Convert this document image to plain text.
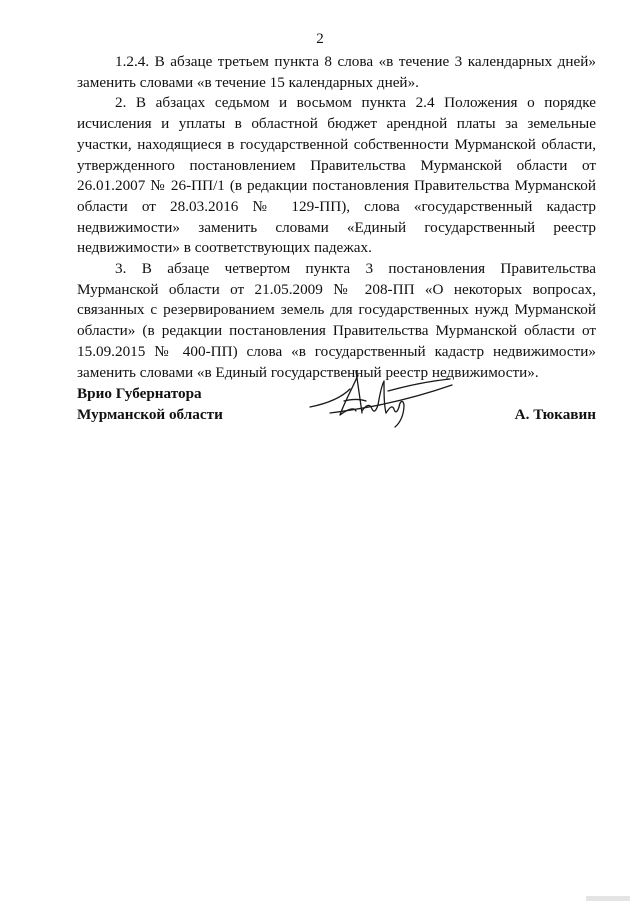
2

1.2.4. В абзаце третьем пункта 8 слова «в течение 3 календарных дней» заменить словами «в течение 15 календарных дней».

2. В абзацах седьмом и восьмом пункта 2.4 Положения о порядке исчисления и уплаты в областной бюджет арендной платы за земельные участки, находящиеся в государственной собственности Мурманской области, утвержденного постановлением Правительства Мурманской области от 26.01.2007 № 26-ПП/1 (в редакции постановления Правительства Мурманской области от 28.03.2016 № 129-ПП), слова «государственный кадастр недвижимости» заменить словами «Единый государственный реестр недвижимости» в соответствующих падежах.

3. В абзаце четвертом пункта 3 постановления Правительства Мурманской области от 21.05.2009 № 208-ПП «О некоторых вопросах, связанных с резервированием земель для государственных нужд Мурманской области» (в редакции постановления Правительства Мурманской области от 15.09.2015 № 400-ПП) слова «в государственный кадастр недвижимости» заменить словами «в Единый государственный реестр недвижимости».

Врио Губернатора
Мурманской области	А. Тюкавин
